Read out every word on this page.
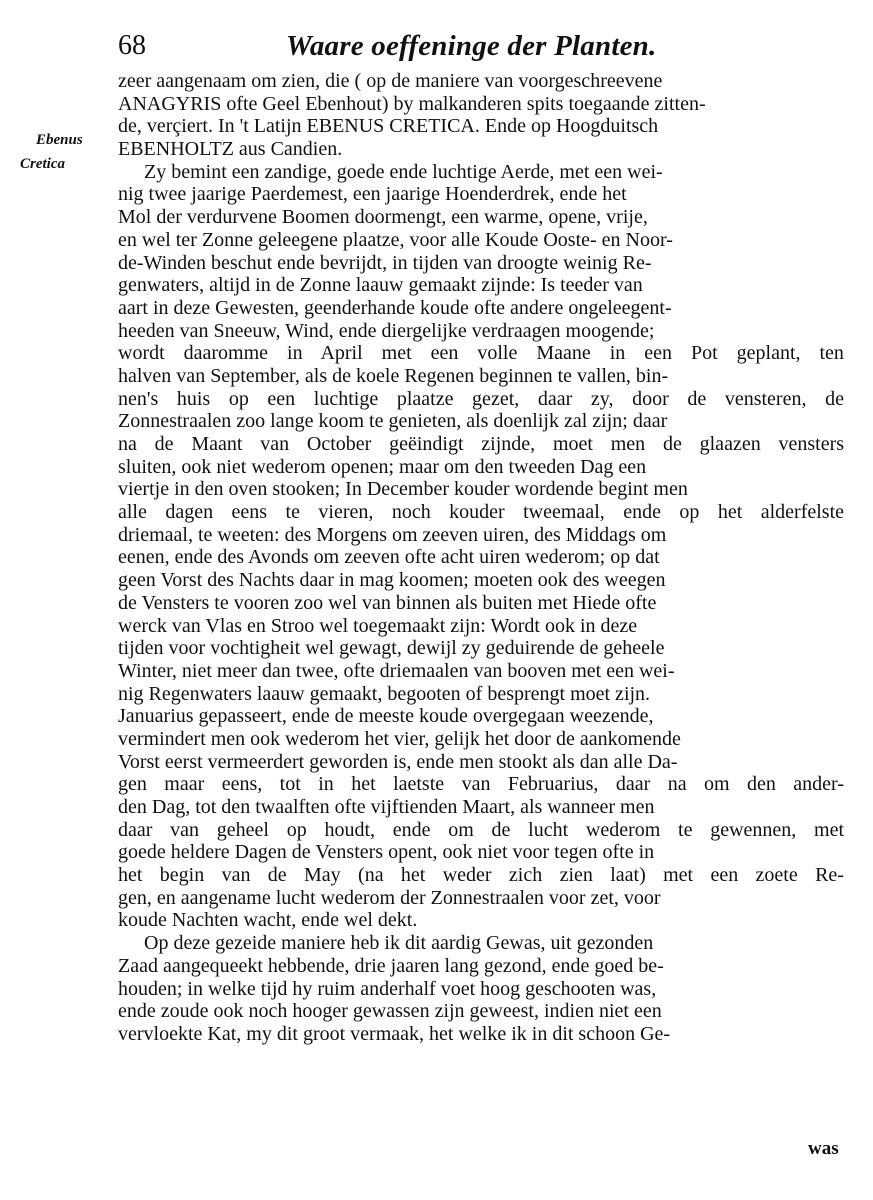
68	Waare oeffeninge der Planten.
Ebenus
Cretica
zeer aangenaam om zien, die ( op de maniere van voorgeschreevene
ANAGYRIS ofte Geel Ebenhout) by malkanderen spits toegaande zitten-
de, verçiert. In 't Latijn EBENUS CRETICA. Ende op Hoogduitsch
EBENHOLTZ aus Candien.
Zy bemint een zandige, goede ende luchtige Aerde, met een wei-
nig twee jaarige Paerdemest, een jaarige Hoenderdrek, ende het
Mol der verdurvene Boomen doormengt, een warme, opene, vrije,
en wel ter Zonne geleegene plaatze, voor alle Koude Ooste- en Noor-
de-Winden beschut ende bevrijdt, in tijden van droogte weinig Re-
genwaters, altijd in de Zonne laauw gemaakt zijnde: Is teeder van
aart in deze Gewesten, geenderhande koude ofte andere ongeleegent-
heeden van Sneeuw, Wind, ende diergelijke verdraagen moogende;
wordt daaromme in April met een volle Maane in een Pot geplant, ten
halven van September, als de koele Regenen beginnen te vallen, bin-
nen's huis op een luchtige plaatze gezet, daar zy, door de vensteren, de
Zonnestraalen zoo lange koom te genieten, als doenlijk zal zijn; daar
na de Maant van October geëindigt zijnde, moet men de glaazen vensters
sluiten, ook niet wederom openen; maar om den tweeden Dag een
viertje in den oven stooken; In December kouder wordende begint men
alle dagen eens te vieren, noch kouder tweemaal, ende op het alderfelste
driemaal, te weeten: des Morgens om zeeven uiren, des Middags om
eenen, ende des Avonds om zeeven ofte acht uiren wederom; op dat
geen Vorst des Nachts daar in mag koomen; moeten ook des weegen
de Vensters te vooren zoo wel van binnen als buiten met Hiede ofte
werck van Vlas en Stroo wel toegemaakt zijn: Wordt ook in deze
tijden voor vochtigheit wel gewagt, dewijl zy geduirende de geheele
Winter, niet meer dan twee, ofte driemaalen van booven met een wei-
nig Regenwaters laauw gemaakt, begooten of besprengt moet zijn.
Januarius gepasseert, ende de meeste koude overgegaan weezende,
vermindert men ook wederom het vier, gelijk het door de aankomende
Vorst eerst vermeerdert geworden is, ende men stookt als dan alle Da-
gen maar eens, tot in het laetste van Februarius, daar na om den ander-
den Dag, tot den twaalften ofte vijftienden Maart, als wanneer men
daar van geheel op houdt, ende om de lucht wederom te gewennen, met
goede heldere Dagen de Vensters opent, ook niet voor tegen ofte in
het begin van de May (na het weder zich zien laat) met een zoete Re-
gen, en aangename lucht wederom der Zonnestraalen voor zet, voor
koude Nachten wacht, ende wel dekt.
Op deze gezeide maniere heb ik dit aardig Gewas, uit gezonden
Zaad aangequeekt hebbende, drie jaaren lang gezond, ende goed be-
houden; in welke tijd hy ruim anderhalf voet hoog geschooten was,
ende zoude ook noch hooger gewassen zijn geweest, indien niet een
vervloekte Kat, my dit groot vermaak, het welke ik in dit schoon Ge-
was
